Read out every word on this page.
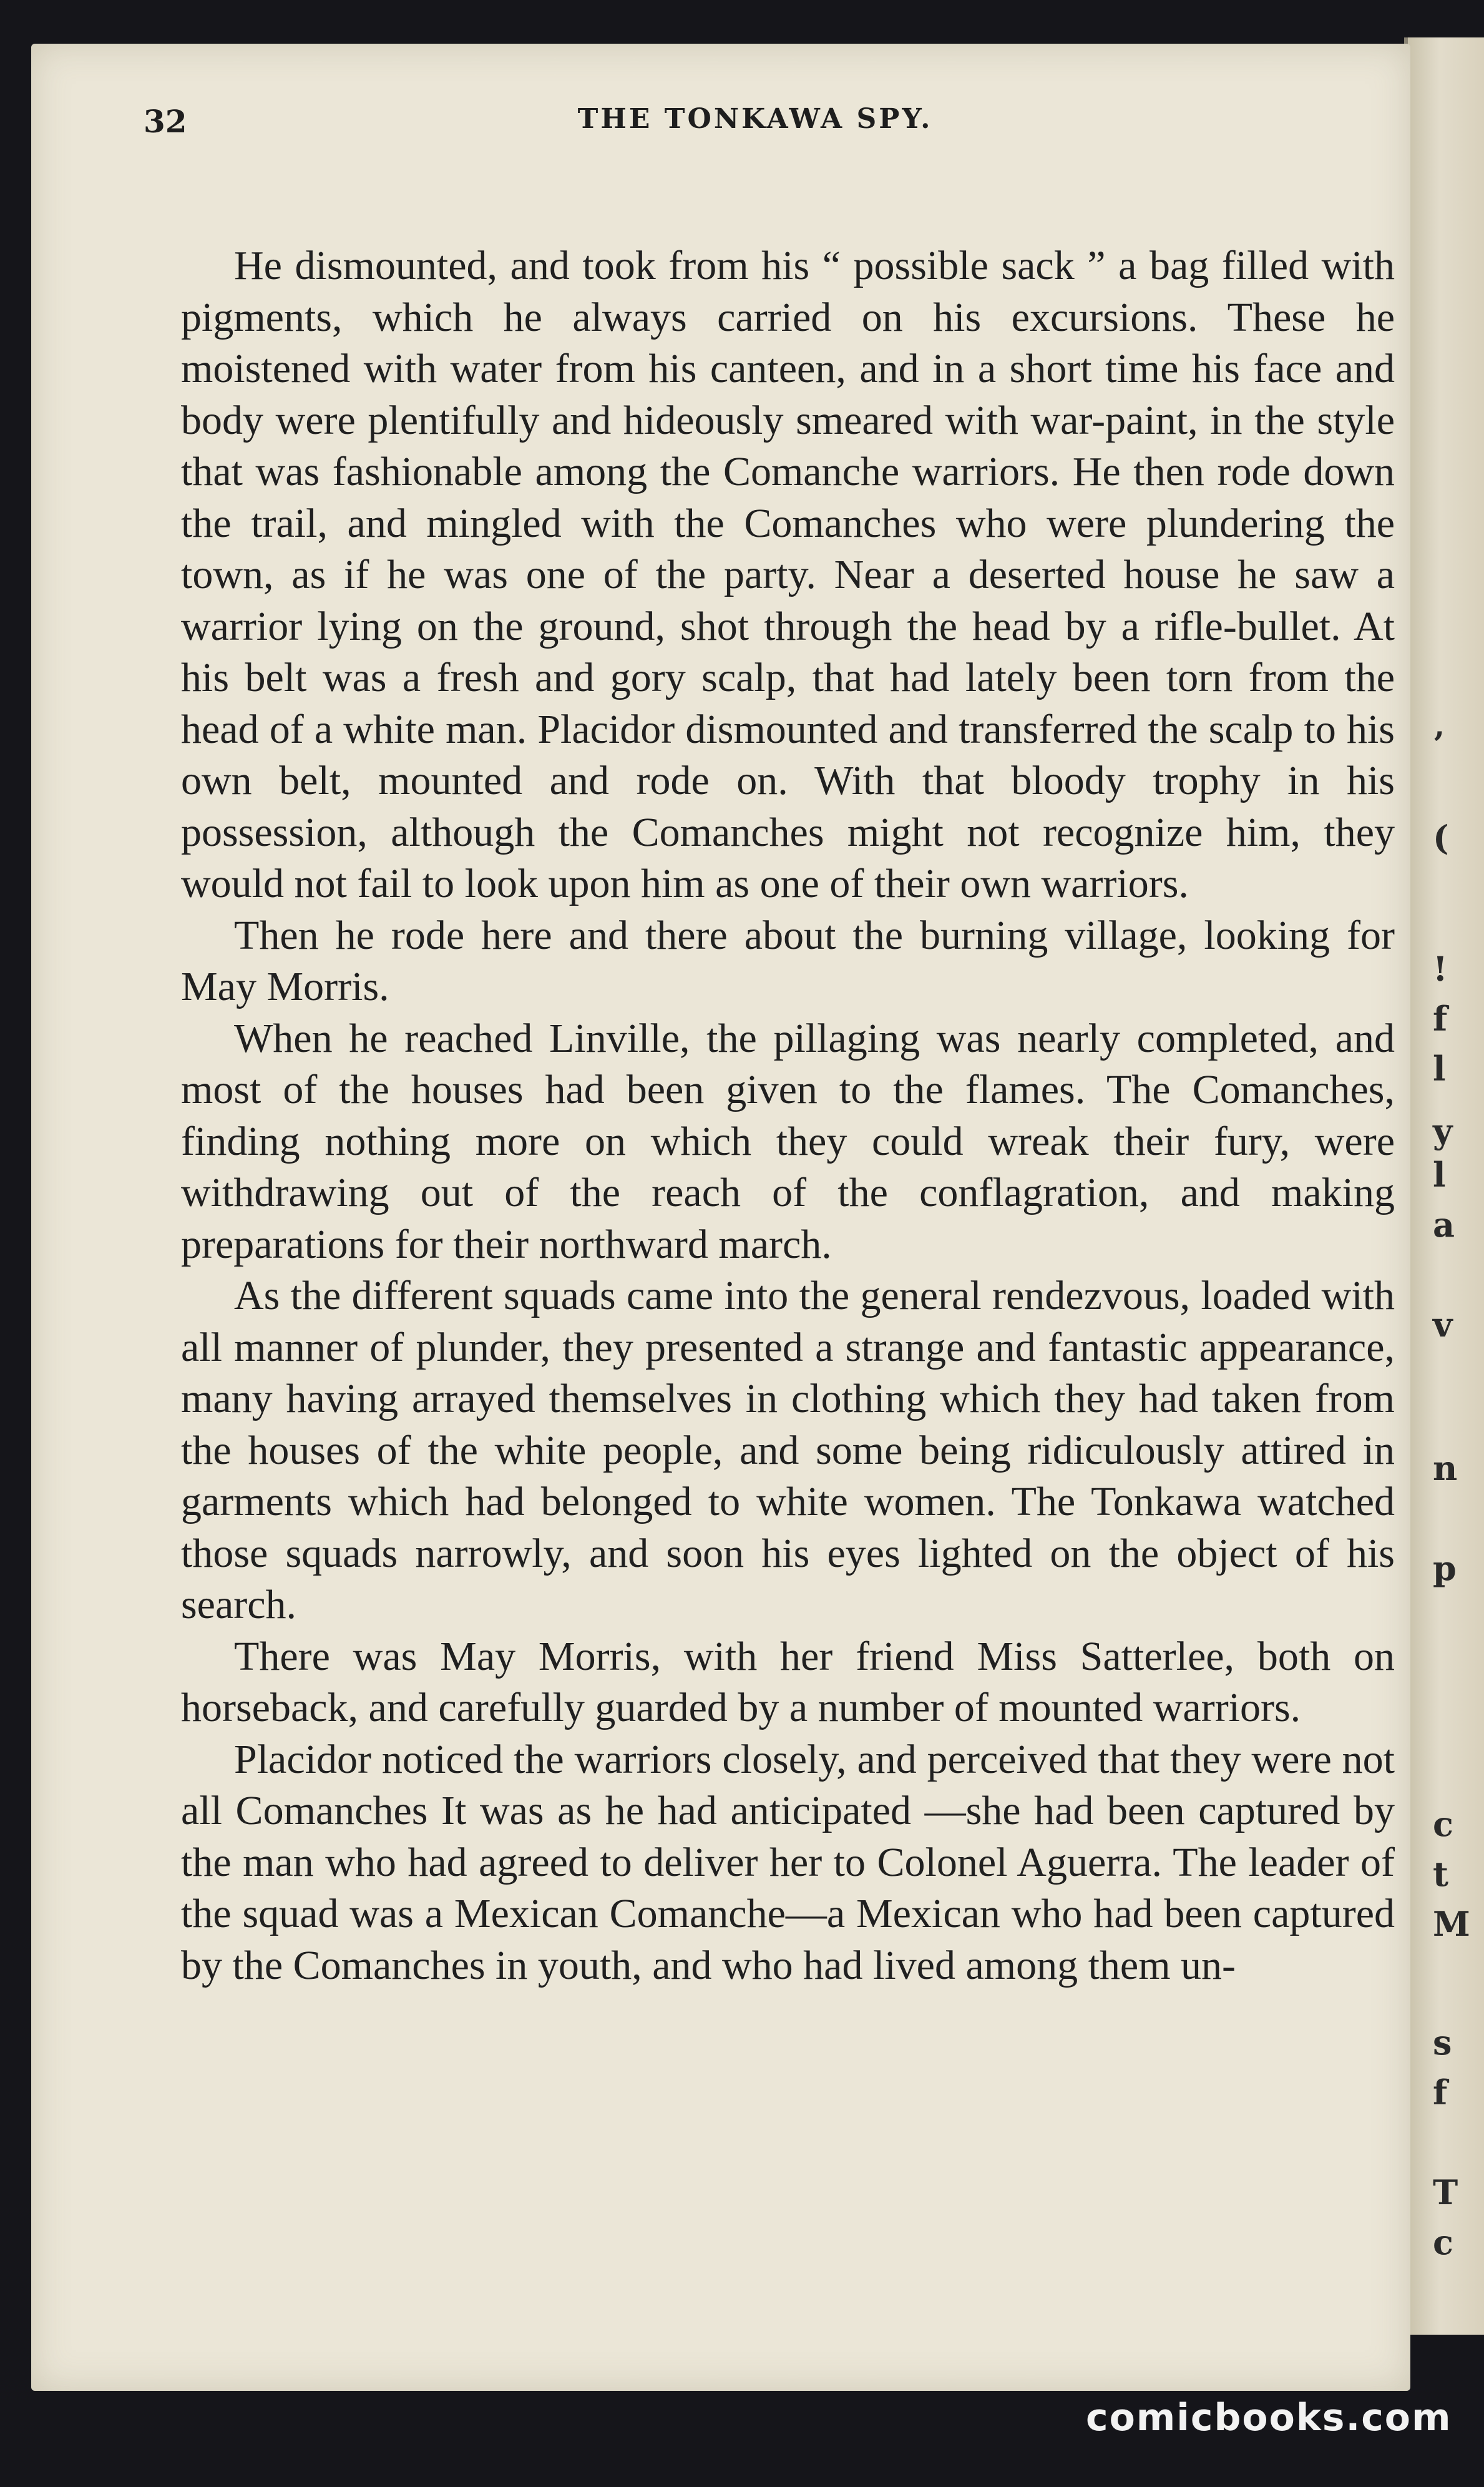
’
(
!
f
l
y
l
a
v
n
p
c
t
M
s
f
T
c
32	THE TONKAWA SPY.

He dismounted, and took from his “ possible sack ” a bag filled with pigments, which he always carried on his excursions. These he moistened with water from his canteen, and in a short time his face and body were plentifully and hideously smeared with war-paint, in the style that was fashionable among the Comanche warriors. He then rode down the trail, and mingled with the Comanches who were plundering the town, as if he was one of the party. Near a deserted house he saw a warrior lying on the ground, shot through the head by a rifle-bullet. At his belt was a fresh and gory scalp, that had lately been torn from the head of a white man. Placidor dismounted and transferred the scalp to his own belt, mounted and rode on. With that bloody trophy in his possession, although the Comanches might not recognize him, they would not fail to look upon him as one of their own warriors.

Then he rode here and there about the burning village, looking for May Morris.

When he reached Linville, the pillaging was nearly completed, and most of the houses had been given to the flames. The Comanches, finding nothing more on which they could wreak their fury, were withdrawing out of the reach of the conflagration, and making preparations for their northward march.

As the different squads came into the general rendezvous, loaded with all manner of plunder, they presented a strange and fantastic appearance, many having arrayed themselves in clothing which they had taken from the houses of the white people, and some being ridiculously attired in garments which had belonged to white women. The Tonkawa watched those squads narrowly, and soon his eyes lighted on the object of his search.

There was May Morris, with her friend Miss Satterlee, both on horseback, and carefully guarded by a number of mounted warriors.

Placidor noticed the warriors closely, and perceived that they were not all Comanches It was as he had anticipated —she had been captured by the man who had agreed to deliver her to Colonel Aguerra. The leader of the squad was a Mexican Comanche—a Mexican who had been captured by the Comanches in youth, and who had lived among them un-

comicbooks.com
